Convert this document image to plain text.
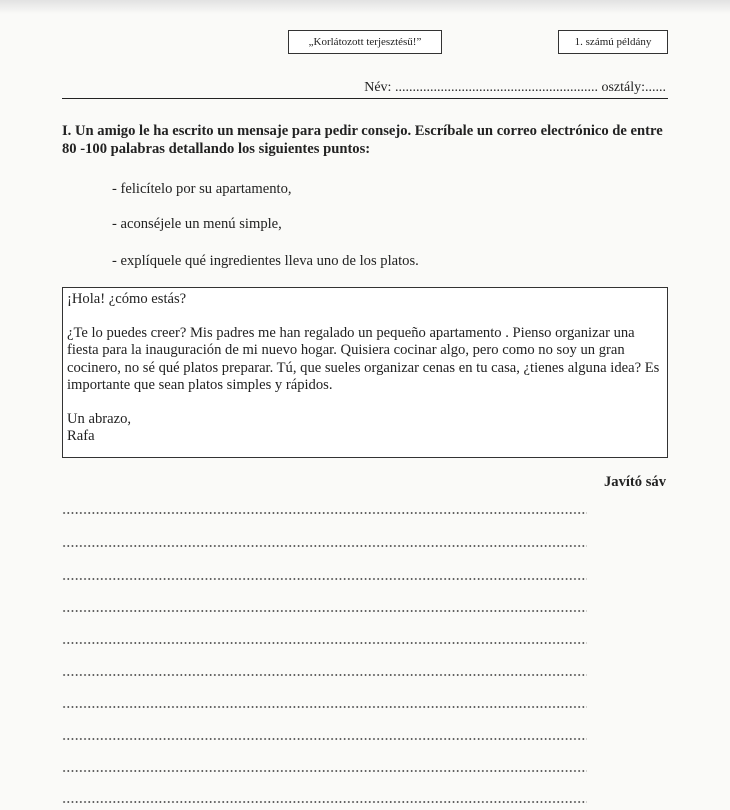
„Korlátozott terjesztésű!”	1. számú példány
Név: .......................................................... osztály:......
I. Un amigo le ha escrito un mensaje para pedir consejo. Escríbale un correo electrónico de entre 80 -100 palabras detallando los siguientes puntos:
- felicítelo por su apartamento,
- aconséjele un menú simple,
- explíquele qué ingredientes lleva uno de los platos.

¡Hola! ¿cómo estás?

¿Te lo puedes creer? Mis padres me han regalado un pequeño apartamento . Pienso organizar una fiesta para la inauguración de mi nuevo hogar. Quisiera cocinar algo, pero como no soy un gran cocinero, no sé qué platos preparar. Tú, que sueles organizar cenas en tu casa, ¿tienes alguna idea? Es importante que sean platos simples y rápidos.

Un abrazo,

Rafa

Javító sáv
